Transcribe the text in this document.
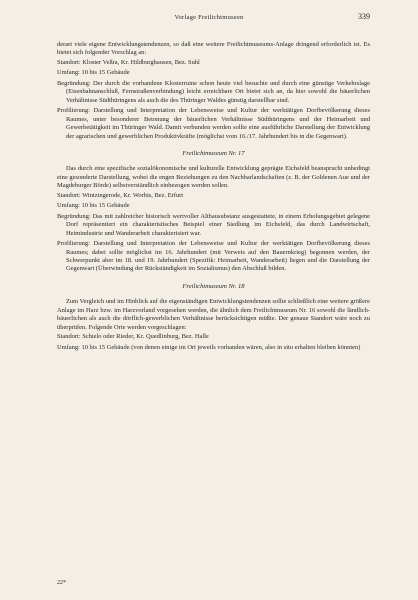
Vorlage Freilichtmuseen	339

derart viele eigene Entwicklungstendenzen, so daß eine weitere Freilichtmuseums-Anlage dringend erforderlich ist. Es bietet sich folgender Vorschlag an:

Standort: Kloster Veßra, Kr. Hildburghausen, Bez. Suhl

Umfang: 10 bis 15 Gebäude

Begründung: Der durch die vorhandene Klosterruine schon heute viel besuchte und durch eine günstige Verkehrslage (Eisenbahnanschluß, Fernstraßenverbindung) leicht erreichbare Ort bietet sich an, da hier sowohl die bäuerlichen Verhältnisse Südthüringens als auch die des Thüringer Waldes günstig darstellbar sind.

Profilierung: Darstellung und Interpretation der Lebensweise und Kultur der werktätigen Dorfbevölkerung dieses Raumes, unter besonderer Betonung der bäuerlichen Verhältnisse Südthüringens und der Heimarbeit und Gewerbetätigkeit im Thüringer Wald. Damit verbunden werden sollte eine ausführliche Darstellung der Entwicklung der agrarischen und gewerblichen Produktivkräfte (möglichst vom 16./17. Jahrhundert bis in die Gegenwart).

Freilichtmuseum Nr. 17

Das durch eine spezifische sozialökonomische und kulturelle Entwicklung geprägte Eichsfeld beansprucht unbedingt eine gesonderte Darstellung, wobei die engen Beziehungen zu den Nachbarlandschaften (z. B. der Goldenen Aue und der Magdeburger Börde) selbstverständlich einbezogen werden sollen.

Standort: Wintzingerode, Kr. Worbis, Bez. Erfurt

Umfang: 10 bis 15 Gebäude

Begründung: Das mit zahlreicher historisch wertvoller Altbausubstanz ausgestattete, in einem Erholungsgebiet gelegene Dorf repräsentiert ein charakteristisches Beispiel einer Siedlung im Eichsfeld, das durch Landwirtschaft, Heimindustrie und Wanderarbeit charakterisiert war.

Profilierung: Darstellung und Interpretation der Lebensweise und Kultur der werktätigen Dorfbevölkerung dieses Raumes; dabei sollte möglichst im 16. Jahrhundert (mit Verweis auf den Bauernkrieg) begonnen werden, der Schwerpunkt aber im 18. und 19. Jahrhundert (Spezifik: Heimarbeit, Wanderarbeit) liegen und die Darstellung der Gegenwart (Überwindung der Rückständigkeit im Sozialismus) den Abschluß bilden.

Freilichtmuseum Nr. 18

Zum Vergleich und im Hinblick auf die eigenständigen Entwicklungstendenzen sollte schließlich eine weitere größere Anlage im Harz bzw. im Harzvorland vorgesehen werden, die ähnlich dem Freilichtmuseum Nr. 16 sowohl die ländlich-bäuerlichen als auch die dörflich-gewerblichen Verhältnisse berücksichtigen müßte. Der genaue Standort wäre noch zu überprüfen. Folgende Orte werden vorgeschlagen:

Standort: Schielo oder Rieder, Kr. Quedlinburg, Bez. Halle

Umfang: 10 bis 15 Gebäude (von denen einige im Ort jeweils vorhanden wären, also in situ erhalten bleiben könnten)

22*
